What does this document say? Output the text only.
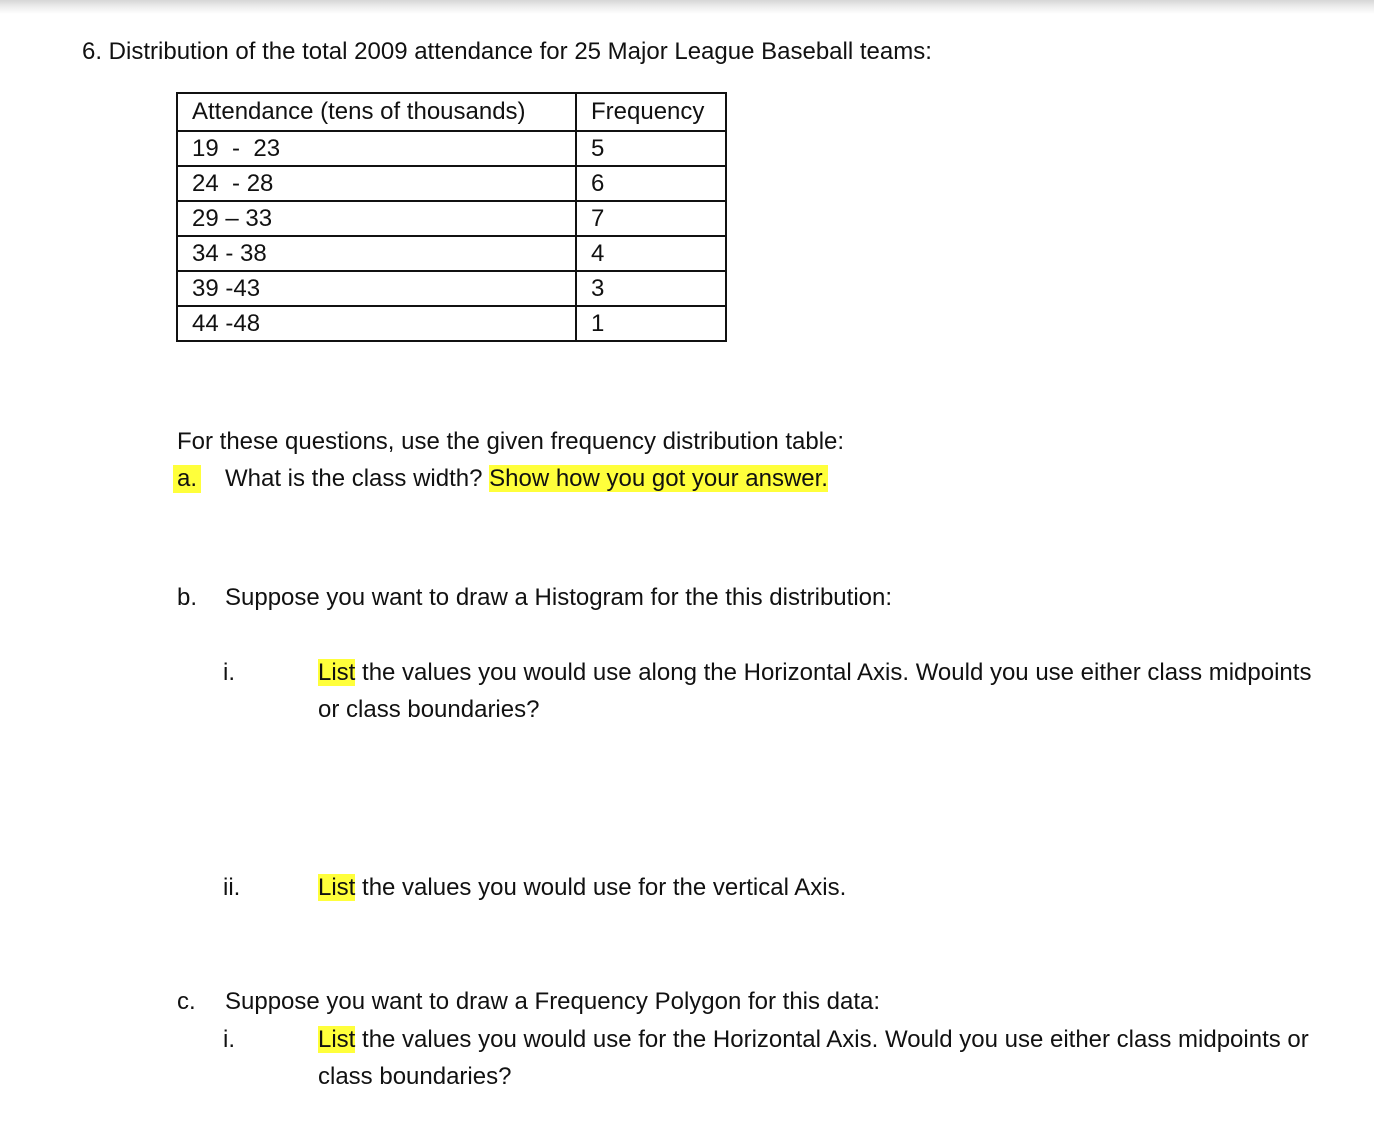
6. Distribution of the total 2009 attendance for 25 Major League Baseball teams:
Attendance (tens of thousands)	Frequency
19  -  23	5
24  - 28	6
29 – 33	7
34 - 38	4
39 -43	3
44 -48	1
For these questions, use the given frequency distribution table:
a. What is the class width? Show how you got your answer.
b. Suppose you want to draw a Histogram for the this distribution:
i.	List the values you would use along the Horizontal Axis. Would you use either class midpoints or class boundaries?
ii.	List the values you would use for the vertical Axis.
c. Suppose you want to draw a Frequency Polygon for this data:
i.	List the values you would use for the Horizontal Axis. Would you use either class midpoints or class boundaries?
